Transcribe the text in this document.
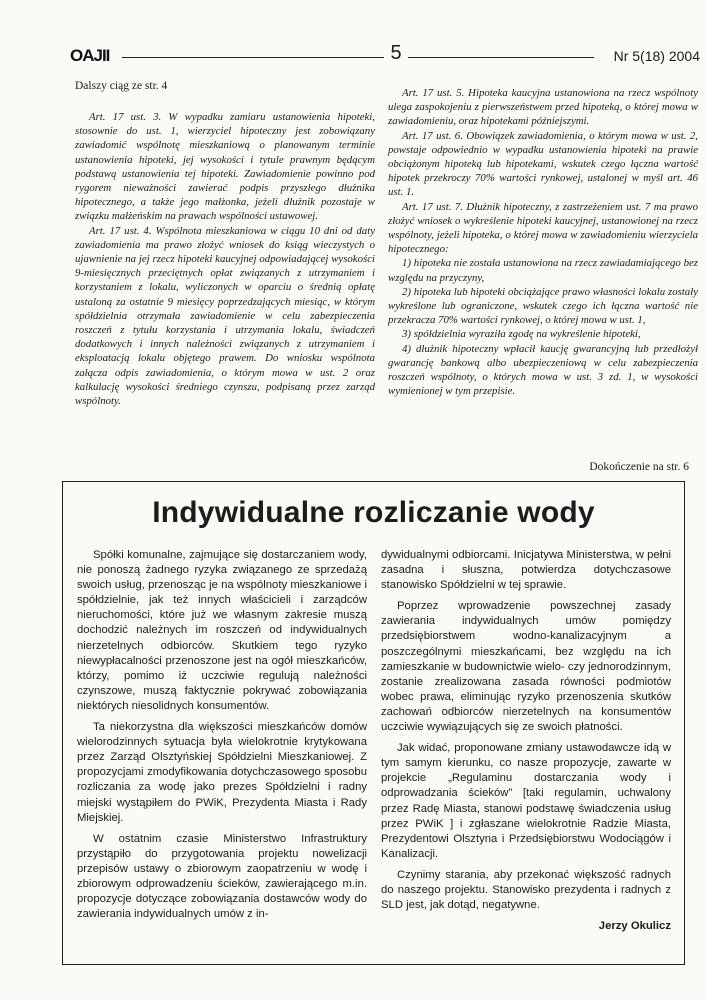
OAJII	5	Nr 5(18) 2004
Dalszy ciąg ze str. 4

Art. 17 ust. 3. W wypadku zamiaru ustanowienia hipoteki, stosownie do ust. 1, wierzyciel hipoteczny jest zobowiązany zawiadomić wspólnotę mieszkaniową o planowanym terminie ustanowienia hipoteki, jej wysokości i tytule prawnym będącym podstawą ustanowienia tej hipoteki. Zawiadomienie powinno pod rygorem nieważności zawierać podpis przyszłego dłużnika hipotecznego, a także jego małżonka, jeżeli dłużnik pozostaje w związku małżeńskim na prawach wspólności ustawowej.

Art. 17 ust. 4. Wspólnota mieszkaniowa w ciągu 10 dni od daty zawiadomienia ma prawo złożyć wniosek do ksiąg wieczystych o ujawnienie na jej rzecz hipoteki kaucyjnej odpowiadającej wysokości 9-miesięcznych przeciętnych opłat związanych z utrzymaniem i korzystaniem z lokalu, wyliczonych w oparciu o średnią opłatę ustaloną za ostatnie 9 miesięcy poprzedzających miesiąc, w którym spółdzielnia otrzymała zawiadomienie w celu zabezpieczenia roszczeń z tytułu korzystania i utrzymania lokalu, świadczeń dodatkowych i innych należności związanych z utrzymaniem i eksploatacją lokalu objętego prawem. Do wniosku wspólnota załącza odpis zawiadomienia, o którym mowa w ust. 2 oraz kalkulację wysokości średniego czynszu, podpisaną przez zarząd wspólnoty.

Art. 17 ust. 5. Hipoteka kaucyjna ustanowiona na rzecz wspólnoty ulega zaspokojeniu z pierwszeństwem przed hipoteką, o której mowa w zawiadomieniu, oraz hipotekami późniejszymi.

Art. 17 ust. 6. Obowiązek zawiadomienia, o którym mowa w ust. 2, powstaje odpowiednio w wypadku ustanowienia hipoteki na prawie obciążonym hipoteką lub hipotekami, wskutek czego łączna wartość hipotek przekroczy 70% wartości rynkowej, ustalonej w myśl art. 46 ust. 1.

Art. 17 ust. 7. Dłużnik hipoteczny, z zastrzeżeniem ust. 7 ma prawo złożyć wniosek o wykreślenie hipoteki kaucyjnej, ustanowionej na rzecz wspólnoty, jeżeli hipoteka, o której mowa w zawiadomieniu wierzyciela hipotecznego:

1) hipoteka nie została ustanowiona na rzecz zawiadamiającego bez względu na przyczyny,
2) hipoteka lub hipoteki obciążające prawo własności lokalu zostały wykreślone lub ograniczone, wskutek czego ich łączna wartość nie przekracza 70% wartości rynkowej, o której mowa w ust. 1,
3) spółdzielnia wyraziła zgodę na wykreślenie hipoteki,
4) dłużnik hipoteczny wpłacił kaucję gwarancyjną lub przedłożył gwarancję bankową albo ubezpieczeniową w celu zabezpieczenia roszczeń wspólnoty, o których mowa w ust. 3 zd. 1, w wysokości wymienionej w tym przepisie.
Dokończenie na str. 6
Indywidualne rozliczanie wody

Spółki komunalne, zajmujące się dostarczaniem wody, nie ponoszą żadnego ryzyka związanego ze sprzedażą swoich usług, przenosząc je na wspólnoty mieszkaniowe i spółdzielnie, jak też innych właścicieli i zarządców nieruchomości, które już we własnym zakresie muszą dochodzić należnych im roszczeń od indywidualnych nierzetelnych odbiorców. Skutkiem tego ryzyko niewypłacalności przenoszone jest na ogół mieszkańców, którzy, pomimo iż uczciwie regulują należności czynszowe, muszą faktycznie pokrywać zobowiązania niektórych niesolidnych konsumentów.

Ta niekorzystna dla większości mieszkańców domów wielorodzinnych sytuacja była wielokrotnie krytykowana przez Zarząd Olsztyńskiej Spółdzielni Mieszkaniowej. Z propozycjami zmodyfikowania dotychczasowego sposobu rozliczania za wodę jako prezes Spółdzielni i radny miejski wystąpiłem do PWiK, Prezydenta Miasta i Rady Miejskiej.

W ostatnim czasie Ministerstwo Infrastruktury przystąpiło do przygotowania projektu nowelizacji przepisów ustawy o zbiorowym zaopatrzeniu w wodę i zbiorowym odprowadzeniu ścieków, zawierającego m.in. propozycje dotyczące zobowiązania dostawców wody do zawierania indywidualnych umów z in-

dywidualnymi odbiorcami. Inicjatywa Ministerstwa, w pełni zasadna i słuszna, potwierdza dotychczasowe stanowisko Spółdzielni w tej sprawie.

Poprzez wprowadzenie powszechnej zasady zawierania indywidualnych umów pomiędzy przedsiębiorstwem wodno-kanalizacyjnym a poszczególnymi mieszkańcami, bez względu na ich zamieszkanie w budownictwie wielo- czy jednorodzinnym, zostanie zrealizowana zasada równości podmiotów wobec prawa, eliminując ryzyko przenoszenia skutków zachowań odbiorców nierzetelnych na konsumentów uczciwie wywiązujących się ze swoich płatności.

Jak widać, proponowane zmiany ustawodawcze idą w tym samym kierunku, co nasze propozycje, zawarte w projekcie „Regulaminu dostarczania wody i odprowadzania ścieków” [taki regulamin, uchwalony przez Radę Miasta, stanowi podstawę świadczenia usług przez PWiK ] i zgłaszane wielokrotnie Radzie Miasta, Prezydentowi Olsztyna i Przedsiębiorstwu Wodociągów i Kanalizacji.

Czynimy starania, aby przekonać większość radnych do naszego projektu. Stanowisko prezydenta i radnych z SLD jest, jak dotąd, negatywne.

Jerzy Okulicz
